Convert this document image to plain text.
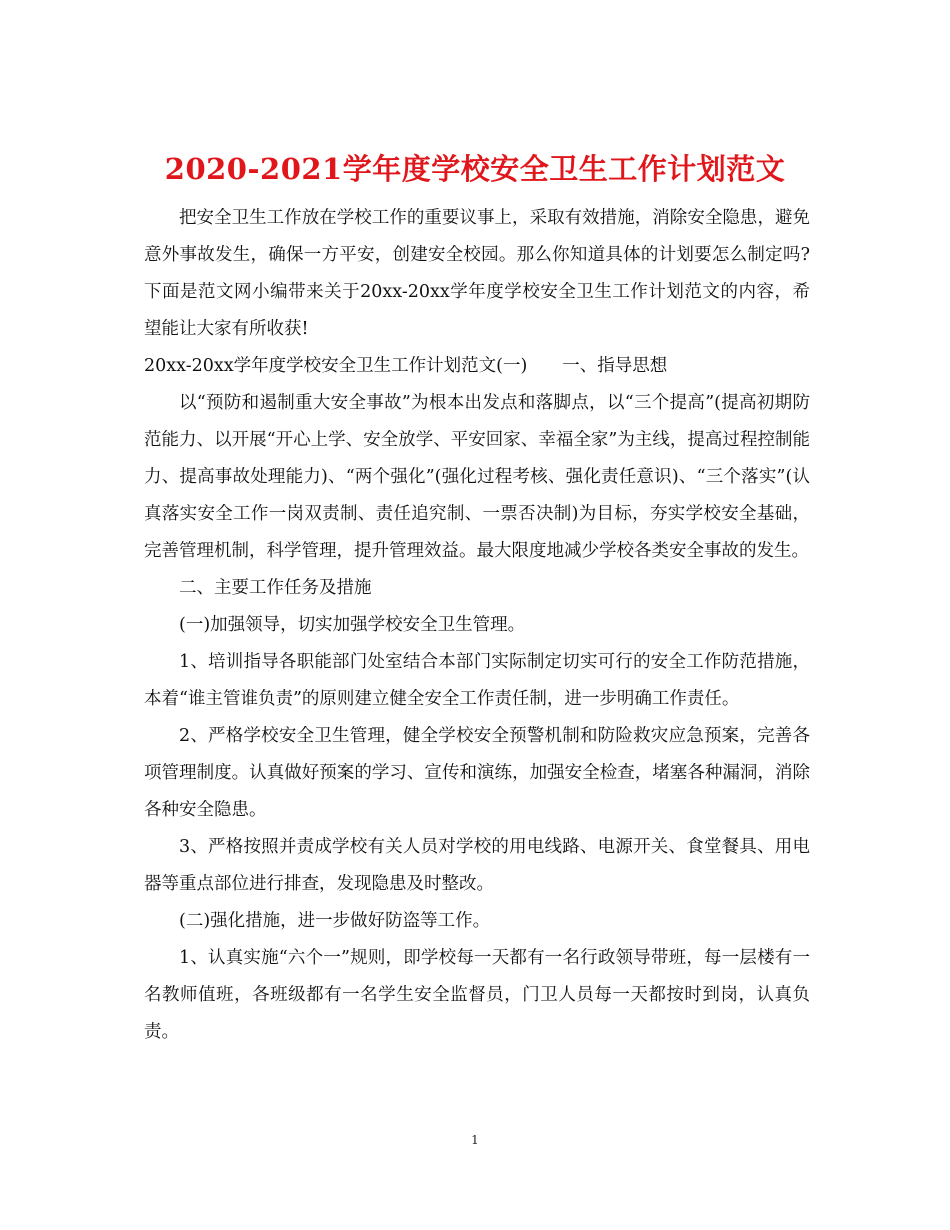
2020-2021学年度学校安全卫生工作计划范文

把安全卫生工作放在学校工作的重要议事上，采取有效措施，消除安全隐患，避免意外事故发生，确保一方平安，创建安全校园。那么你知道具体的计划要怎么制定吗?下面是范文网小编带来关于20xx-20xx学年度学校安全卫生工作计划范文的内容，希望能让大家有所收获!

20xx-20xx学年度学校安全卫生工作计划范文(一)　　一、指导思想

以“预防和遏制重大安全事故”为根本出发点和落脚点，以“三个提高”(提高初期防范能力、以开展“开心上学、安全放学、平安回家、幸福全家”为主线，提高过程控制能力、提高事故处理能力)、“两个强化”(强化过程考核、强化责任意识)、“三个落实”(认真落实安全工作一岗双责制、责任追究制、一票否决制)为目标，夯实学校安全基础，完善管理机制，科学管理，提升管理效益。最大限度地减少学校各类安全事故的发生。

二、主要工作任务及措施

(一)加强领导，切实加强学校安全卫生管理。

1、培训指导各职能部门处室结合本部门实际制定切实可行的安全工作防范措施，本着“谁主管谁负责”的原则建立健全安全工作责任制，进一步明确工作责任。

2、严格学校安全卫生管理，健全学校安全预警机制和防险救灾应急预案，完善各项管理制度。认真做好预案的学习、宣传和演练，加强安全检查，堵塞各种漏洞，消除各种安全隐患。

3、严格按照并责成学校有关人员对学校的用电线路、电源开关、食堂餐具、用电器等重点部位进行排查，发现隐患及时整改。

(二)强化措施，进一步做好防盗等工作。

1、认真实施“六个一”规则，即学校每一天都有一名行政领导带班，每一层楼有一名教师值班，各班级都有一名学生安全监督员，门卫人员每一天都按时到岗，认真负责。

1
